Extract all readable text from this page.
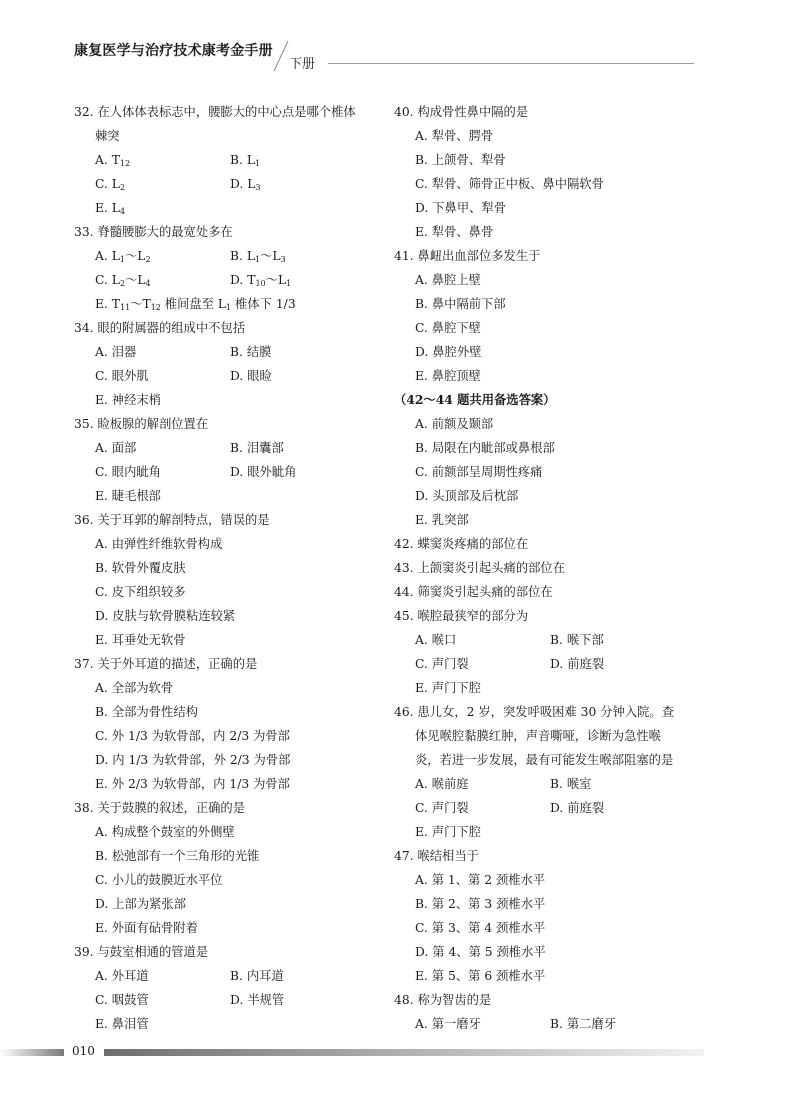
康复医学与治疗技术康考金手册
下册
32. 在人体体表标志中，腰膨大的中心点是哪个椎体
棘突
A. $T_{12}$	B. $L_1$
C. $L_2$	D. $L_3$
E. $L_4$
33. 脊髓腰膨大的最宽处多在
A. $L_1\sim L_2$	B. $L_1\sim L_3$
C. $L_2\sim L_4$	D. $T_{10}\sim L_1$
E. $T_{11}\sim T_{12}$ 椎间盘至 $L_1$ 椎体下 1/3
34. 眼的附属器的组成中不包括
A. 泪器	B. 结膜
C. 眼外肌	D. 眼睑
E. 神经末梢
35. 睑板腺的解剖位置在
A. 面部	B. 泪囊部
C. 眼内眦角	D. 眼外眦角
E. 睫毛根部
36. 关于耳郭的解剖特点，错误的是
A. 由弹性纤维软骨构成
B. 软骨外覆皮肤
C. 皮下组织较多
D. 皮肤与软骨膜粘连较紧
E. 耳垂处无软骨
37. 关于外耳道的描述，正确的是
A. 全部为软骨
B. 全部为骨性结构
C. 外 1/3 为软骨部，内 2/3 为骨部
D. 内 1/3 为软骨部，外 2/3 为骨部
E. 外 2/3 为软骨部，内 1/3 为骨部
38. 关于鼓膜的叙述，正确的是
A. 构成整个鼓室的外侧壁
B. 松弛部有一个三角形的光锥
C. 小儿的鼓膜近水平位
D. 上部为紧张部
E. 外面有砧骨附着
39. 与鼓室相通的管道是
A. 外耳道	B. 内耳道
C. 咽鼓管	D. 半规管
E. 鼻泪管
40. 构成骨性鼻中隔的是
A. 犁骨、腭骨
B. 上颌骨、犁骨
C. 犁骨、筛骨正中板、鼻中隔软骨
D. 下鼻甲、犁骨
E. 犁骨、鼻骨
41. 鼻衄出血部位多发生于
A. 鼻腔上壁
B. 鼻中隔前下部
C. 鼻腔下壁
D. 鼻腔外壁
E. 鼻腔顶壁
（42～44 题共用备选答案）
A. 前额及颞部
B. 局限在内眦部或鼻根部
C. 前额部呈周期性疼痛
D. 头顶部及后枕部
E. 乳突部
42. 蝶窦炎疼痛的部位在
43. 上颌窦炎引起头痛的部位在
44. 筛窦炎引起头痛的部位在
45. 喉腔最狭窄的部分为
A. 喉口	B. 喉下部
C. 声门裂	D. 前庭裂
E. 声门下腔
46. 患儿女，2 岁，突发呼吸困难 30 分钟入院。查
体见喉腔黏膜红肿，声音嘶哑，诊断为急性喉
炎，若进一步发展，最有可能发生喉部阻塞的是
A. 喉前庭	B. 喉室
C. 声门裂	D. 前庭裂
E. 声门下腔
47. 喉结相当于
A. 第 1、第 2 颈椎水平
B. 第 2、第 3 颈椎水平
C. 第 3、第 4 颈椎水平
D. 第 4、第 5 颈椎水平
E. 第 5、第 6 颈椎水平
48. 称为智齿的是
A. 第一磨牙	B. 第二磨牙
010
